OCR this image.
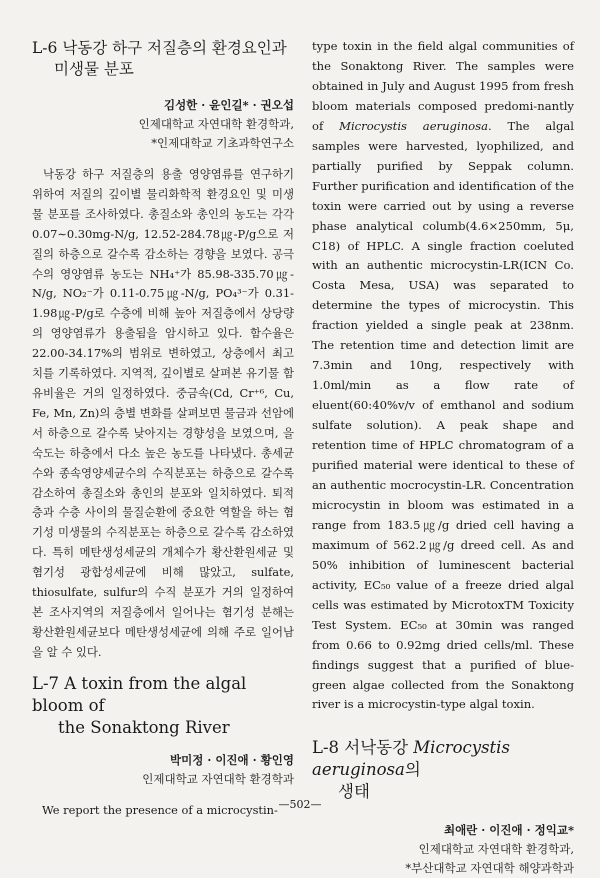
L-6 낙동강 하구 저질층의 환경요인과
미생물 분포
김성한 · 윤인길* · 권오섭
인제대학교 자연대학 환경학과,
*인제대학교 기초과학연구소

낙동강 하구 저질층의 용출 영양염류를 연구하기 위하여 저질의 깊이별 물리화학적 환경요인 및 미생물 분포를 조사하였다. 총질소와 총인의 농도는 각각 0.07∼0.30mg-N/g, 12.52-284.78㎍-P/g으로 저질의 하층으로 갈수록 감소하는 경향을 보였다. 공극수의 영양염류 농도는 NH₄⁺가 85.98-335.70㎍-N/g, NO₂⁻가 0.11-0.75㎍-N/g, PO₄³⁻가 0.31-1.98㎍-P/g로 수층에 비해 높아 저질층에서 상당량의 영양염류가 용출됨을 암시하고 있다. 함수율은 22.00-34.17%의 범위로 변하였고, 상층에서 최고치를 기록하였다. 지역적, 깊이별로 살펴본 유기물 함유비율은 거의 일정하였다. 중금속(Cd, Cr⁺⁶, Cu, Fe, Mn, Zn)의 층별 변화를 살펴보면 물금과 선암에서 하층으로 갈수록 낮아지는 경향성을 보였으며, 을숙도는 하층에서 다소 높은 농도를 나타냈다. 총세균수와 종속영양세균수의 수직분포는 하층으로 갈수록 감소하여 총질소와 총인의 분포와 일치하였다. 퇴적층과 수층 사이의 물질순환에 중요한 역할을 하는 혐기성 미생물의 수직분포는 하층으로 갈수록 감소하였다. 특히 메탄생성세균의 개체수가 황산환원세균 및 혐기성 광합성세균에 비해 많았고, sulfate, thiosulfate, sulfur의 수직 분포가 거의 일정하여 본 조사지역의 저질층에서 일어나는 혐기성 분해는 황산환원세균보다 메탄생성세균에 의해 주로 일어남을 알 수 있다.

L-7 A toxin from the algal bloom of
the Sonaktong River
박미정 · 이진애 · 황인영
인제대학교 자연대학 환경학과

We report the presence of a microcystin-

type toxin in the field algal communities of the Sonaktong River. The samples were obtained in July and August 1995 from fresh bloom materials composed predomi-nantly of Microcystis aeruginosa. The algal samples were harvested, lyophilized, and partially purified by Seppak column. Further purification and identification of the toxin were carried out by using a reverse phase analytical columb(4.6×250mm, 5μ, C18) of HPLC. A single fraction coeluted with an authentic microcystin-LR(ICN Co. Costa Mesa, USA) was separated to determine the types of microcystin. This fraction yielded a single peak at 238nm. The retention time and detection limit are 7.3min and 10ng, respectively with 1.0ml/min as a flow rate of eluent(60:40%v/v of emthanol and sodium sulfate solution). A peak shape and retention time of HPLC chromatogram of a purified material were identical to these of an authentic mocrocystin-LR. Concentration microcystin in bloom was estimated in a range from 183.5㎍/g dried cell having a maximum of 562.2㎍/g dreed cell. As and 50% inhibition of luminescent bacterial activity, EC₅₀ value of a freeze dried algal cells was estimated by MicrotoxTM Toxicity Test System. EC₅₀ at 30min was ranged from 0.66 to 0.92mg dried cells/ml. These findings suggest that a purified of blue-green algae collected from the Sonaktong river is a microcystin-type algal toxin.

L-8 서낙동강 Microcystis aeruginosa의
생태
최애란 · 이진애 · 정익교*
인제대학교 자연대학 환경학과,
*부산대학교 자연대학 해양과학과
—502—
